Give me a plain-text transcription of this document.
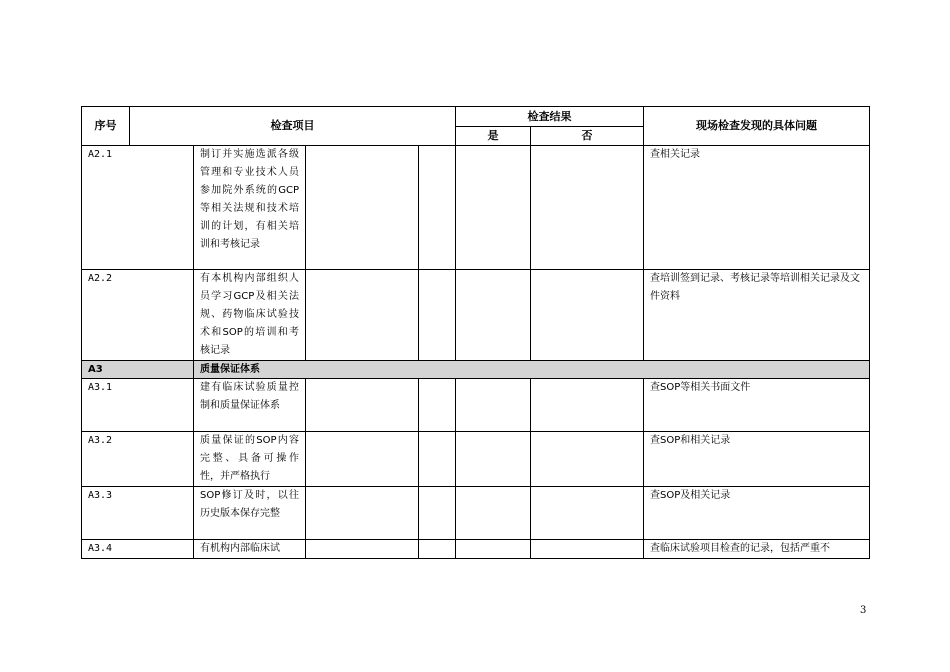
序号	检查项目				检查结果		现场检查发现的具体问题	
					是	否		
A2.1		制订并实施选派各级管理和专业技术人员参加院外系统的GCP等相关法规和技术培训的计划，有相关培训和考核记录					查相关记录	
A2.2		有本机构内部组织人员学习GCP及相关法规、药物临床试验技术和SOP的培训和考核记录					查培训签到记录、考核记录等培训相关记录及文件资料	
A3		质量保证体系						
A3.1		建有临床试验质量控制和质量保证体系					查SOP等相关书面文件	
A3.2		质量保证的SOP内容完整、具备可操作性，并严格执行					查SOP和相关记录	
A3.3		SOP修订及时，以往历史版本保存完整					查SOP及相关记录	
A3.4		有机构内部临床试					查临床试验项目检查的记录，包括严重不	
3
